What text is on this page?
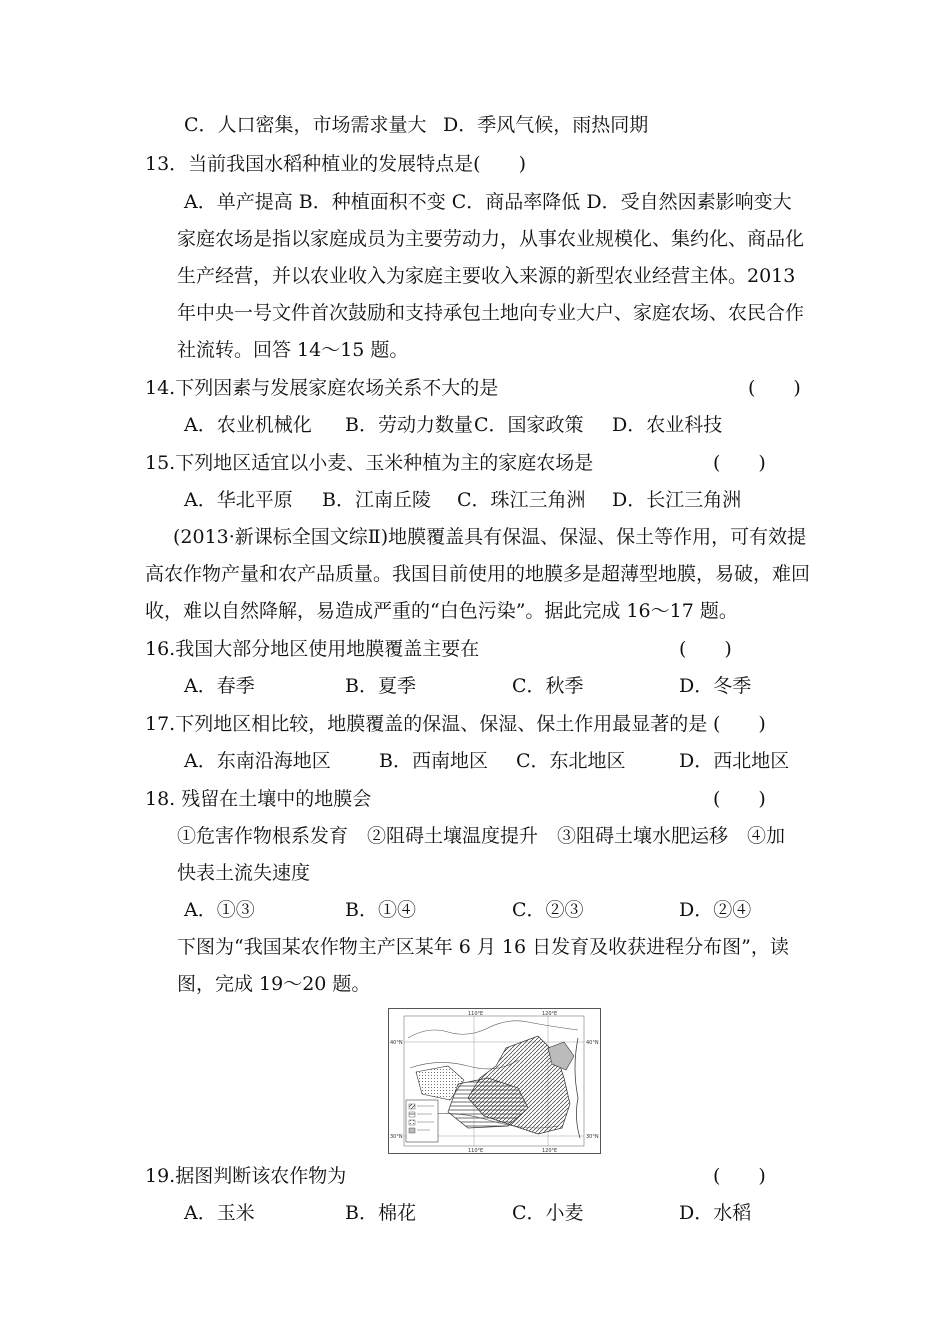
C．人口密集，市场需求量大 D．季风气候，雨热同期
13．当前我国水稻种植业的发展特点是(　　)
A．单产提高 B．种植面积不变 C．商品率降低 D．受自然因素影响变大
家庭农场是指以家庭成员为主要劳动力，从事农业规模化、集约化、商品化
生产经营，并以农业收入为家庭主要收入来源的新型农业经营主体。2013
年中央一号文件首次鼓励和支持承包土地向专业大户、家庭农场、农民合作
社流转。回答 14～15 题。
14.下列因素与发展家庭农场关系不大的是	(　　)
A．农业机械化 B．劳动力数量 C．国家政策 D．农业科技
15.下列地区适宜以小麦、玉米种植为主的家庭农场是	(　　)
A．华北平原 B．江南丘陵 C．珠江三角洲 D．长江三角洲
(2013·新课标全国文综Ⅱ)地膜覆盖具有保温、保湿、保土等作用，可有效提
高农作物产量和农产品质量。我国目前使用的地膜多是超薄型地膜，易破，难回
收，难以自然降解，易造成严重的“白色污染”。据此完成 16～17 题。
16.我国大部分地区使用地膜覆盖主要在	(　　)
A．春季	B．夏季	C．秋季	D．冬季
17.下列地区相比较，地膜覆盖的保温、保湿、保土作用最显著的是 (　　)
A．东南沿海地区	B．西南地区 C．东北地区	D．西北地区
18. 残留在土壤中的地膜会	(　　)
①危害作物根系发育　②阻碍土壤温度提升　③阻碍土壤水肥运移　④加
快表土流失速度
A．①③	B．①④	C．②③	D．②④
下图为“我国某农作物主产区某年 6 月 16 日发育及收获进程分布图”，读
图，完成 19～20 题。
110°E	120°E
40°N	40°N
30°N	30°N
110°E	120°E
19.据图判断该农作物为	(　　)
A．玉米	B．棉花	C．小麦	D．水稻
